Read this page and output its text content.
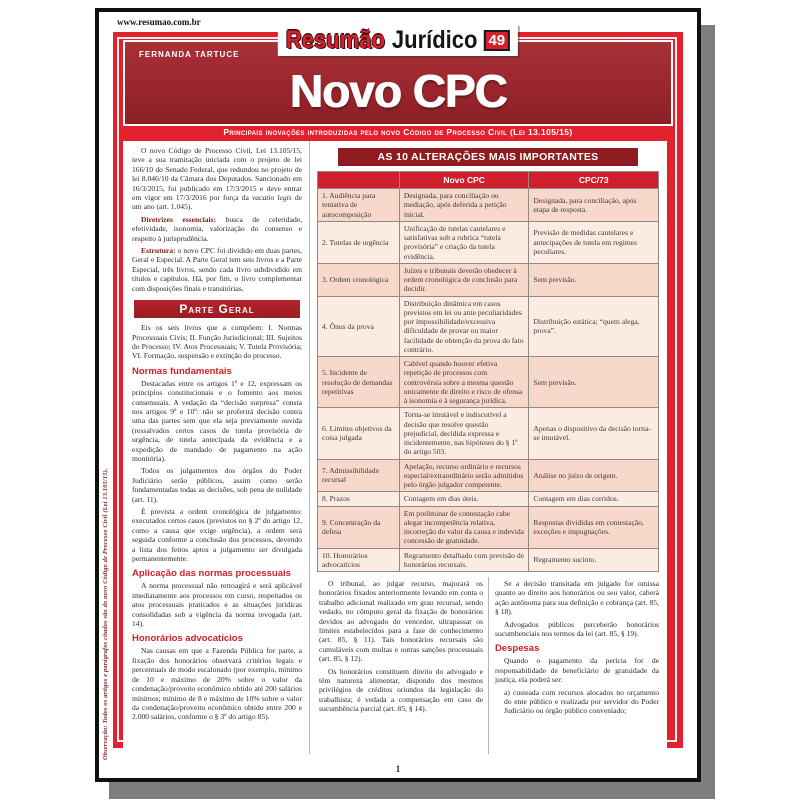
www.resumao.com.br
Resumão Jurídico 49
FERNANDA TARTUCE
Novo CPC
Principais inovações introduzidas pelo novo Código de Processo Civil (Lei 13.105/15)

O novo Código de Processo Civil, Lei 13.105/15, teve a sua tramitação iniciada com o projeto de lei 166/10 do Senado Federal, que redundou no projeto de lei 8.046/10 da Câmara dos Deputados. Sancionado em 16/3/2015, foi publicado em 17/3/2015 e deve entrar em vigor em 17/3/2016 por força da vacatio legis de um ano (art. 1.045).

Diretrizes essenciais: busca de celeridade, efetividade, isonomia, valorização do consenso e respeito à jurisprudência.

Estrutura: o novo CPC foi dividido em duas partes, Geral e Especial. A Parte Geral tem seis livros e a Parte Especial, três livros, sendo cada livro subdividido em títulos e capítulos. Há, por fim, o livro complementar com disposições finais e transitórias.

Parte Geral

Eis os seis livros que a compõem: I. Normas Processuais Civis; II. Função Jurisdicional; III. Sujeitos do Processo; IV. Atos Processuais; V. Tutela Provisória; VI. Formação, suspensão e extinção do processo.

Normas fundamentais

Destacadas entre os artigos 1º e 12, expressam os princípios constitucionais e o fomento aos meios consensuais. A vedação da “decisão surpresa” consta nos artigos 9º e 10º: não se proferirá decisão contra uma das partes sem que ela seja previamente ouvida (ressalvados certos casos de tutela provisória de urgência, de tutela antecipada da evidência e a expedição de mandado de pagamento na ação monitória).

Todos os julgamentos dos órgãos do Poder Judiciário serão públicos, assim como serão fundamentadas todas as decisões, sob pena de nulidade (art. 11).

É prevista a ordem cronológica de julgamento: executados certos casos (previstos no § 2º do artigo 12, como a causa que exige urgência), a ordem será seguida conforme a conclusão dos processos, devendo a lista dos feitos aptos a julgamento ser divulgada permanentemente.

Aplicação das normas processuais

A norma processual não retroagirá e será aplicável imediatamente aos processos em curso, respeitados os atos processuais praticados e as situações jurídicas consolidadas sob a vigência da norma revogada (art. 14).

Honorários advocatícios

Nas causas em que a Fazenda Pública for parte, a fixação dos honorários observará critérios legais e percentuais de modo escalonado (por exemplo, mínimo de 10 e máximo de 20% sobre o valor da condenação/proveito econômico obtido até 200 salários mínimos; mínimo de 8 e máximo de 10% sobre o valor da condenação/proveito econômico obtido entre 200 e 2.000 salários, conforme o § 3º do artigo 85).

AS 10 ALTERAÇÕES MAIS IMPORTANTES
	Novo CPC	CPC/73
1. Audiência para tentativa de autocomposição	Designada, para conciliação ou mediação, após deferida a petição inicial.	Designada, para conciliação, após etapa de resposta.
2. Tutelas de urgência	Unificação de tutelas cautelares e satisfativas sob a rubrica “tutela provisória” e criação da tutela evidência.	Previsão de medidas cautelares e antecipações de tutela em regimes peculiares.
3. Ordem cronológica	Juízes e tribunais deverão obedecer à ordem cronológica de conclusão para decidir.	Sem previsão.
4. Ônus da prova	Distribuição dinâmica em casos previstos em lei ou ante peculiaridades por impossibilidade/excessiva dificuldade de provar ou maior facilidade de obtenção da prova do fato contrário.	Distribuição estática; “quem alega, prova”.
5. Incidente de resolução de demandas repetitivas	Cabível quando houver efetiva repetição de processos com controvérsia sobre a mesma questão unicamente de direito e risco de ofensa à isonomia e à segurança jurídica.	Sem previsão.
6. Limites objetivos da coisa julgada	Torna-se imutável e indiscutível a decisão que resolve questão prejudicial, decidida expressa e incidentemente, nas hipóteses do § 1º do artigo 503.	Apenas o dispositivo da decisão torna-se imutável.
7. Admissibilidade recursal	Apelação, recurso ordinário e recursos especial/extraordinário serão admitidos pelo órgão julgador competente.	Análise no juízo de origem.
8. Prazos	Contagem em dias úteis.	Contagem em dias corridos.
9. Concentração da defesa	Em preliminar de contestação cabe alegar incompetência relativa, incorreção do valor da causa e indevida concessão de gratuidade.	Respostas divididas em contestação, exceções e impugnações.
10. Honorários advocatícios	Regramento detalhado com previsão de honorários recursais.	Regramento sucinto.

O tribunal, ao julgar recurso, majorará os honorários fixados anteriormente levando em conta o trabalho adicional realizado em grau recursal, sendo vedado, no cômputo geral da fixação de honorários devidos ao advogado do vencedor, ultrapassar os limites estabelecidos para a fase de conhecimento (art. 85, § 11). Tais honorários recursais são cumuláveis com multas e outras sanções processuais (art. 85, § 12).

Os honorários constituem direito do advogado e têm natureza alimentar, dispondo dos mesmos privilégios de créditos oriundos da legislação do trabalhista; é vedada a compensação em caso de sucumbência parcial (art. 85, § 14).

Se a decisão transitada em julgado for omissa quanto ao direito aos honorários ou seu valor, caberá ação autônoma para sua definição e cobrança (art. 85, § 18).

Advogados públicos perceberão honorários sucumbenciais nos termos da lei (art. 85, § 19).

Despesas

Quando o pagamento da perícia for de responsabilidade de beneficiário de gratuidade da justiça, ela poderá ser:

a) custeada com recursos alocados no orçamento do ente público e realizada por servidor do Poder Judiciário ou órgão público conveniado;

Observação: Todos os artigos e parágrafos citados são do novo Código de Processo Civil (Lei 13.105/15).
1
